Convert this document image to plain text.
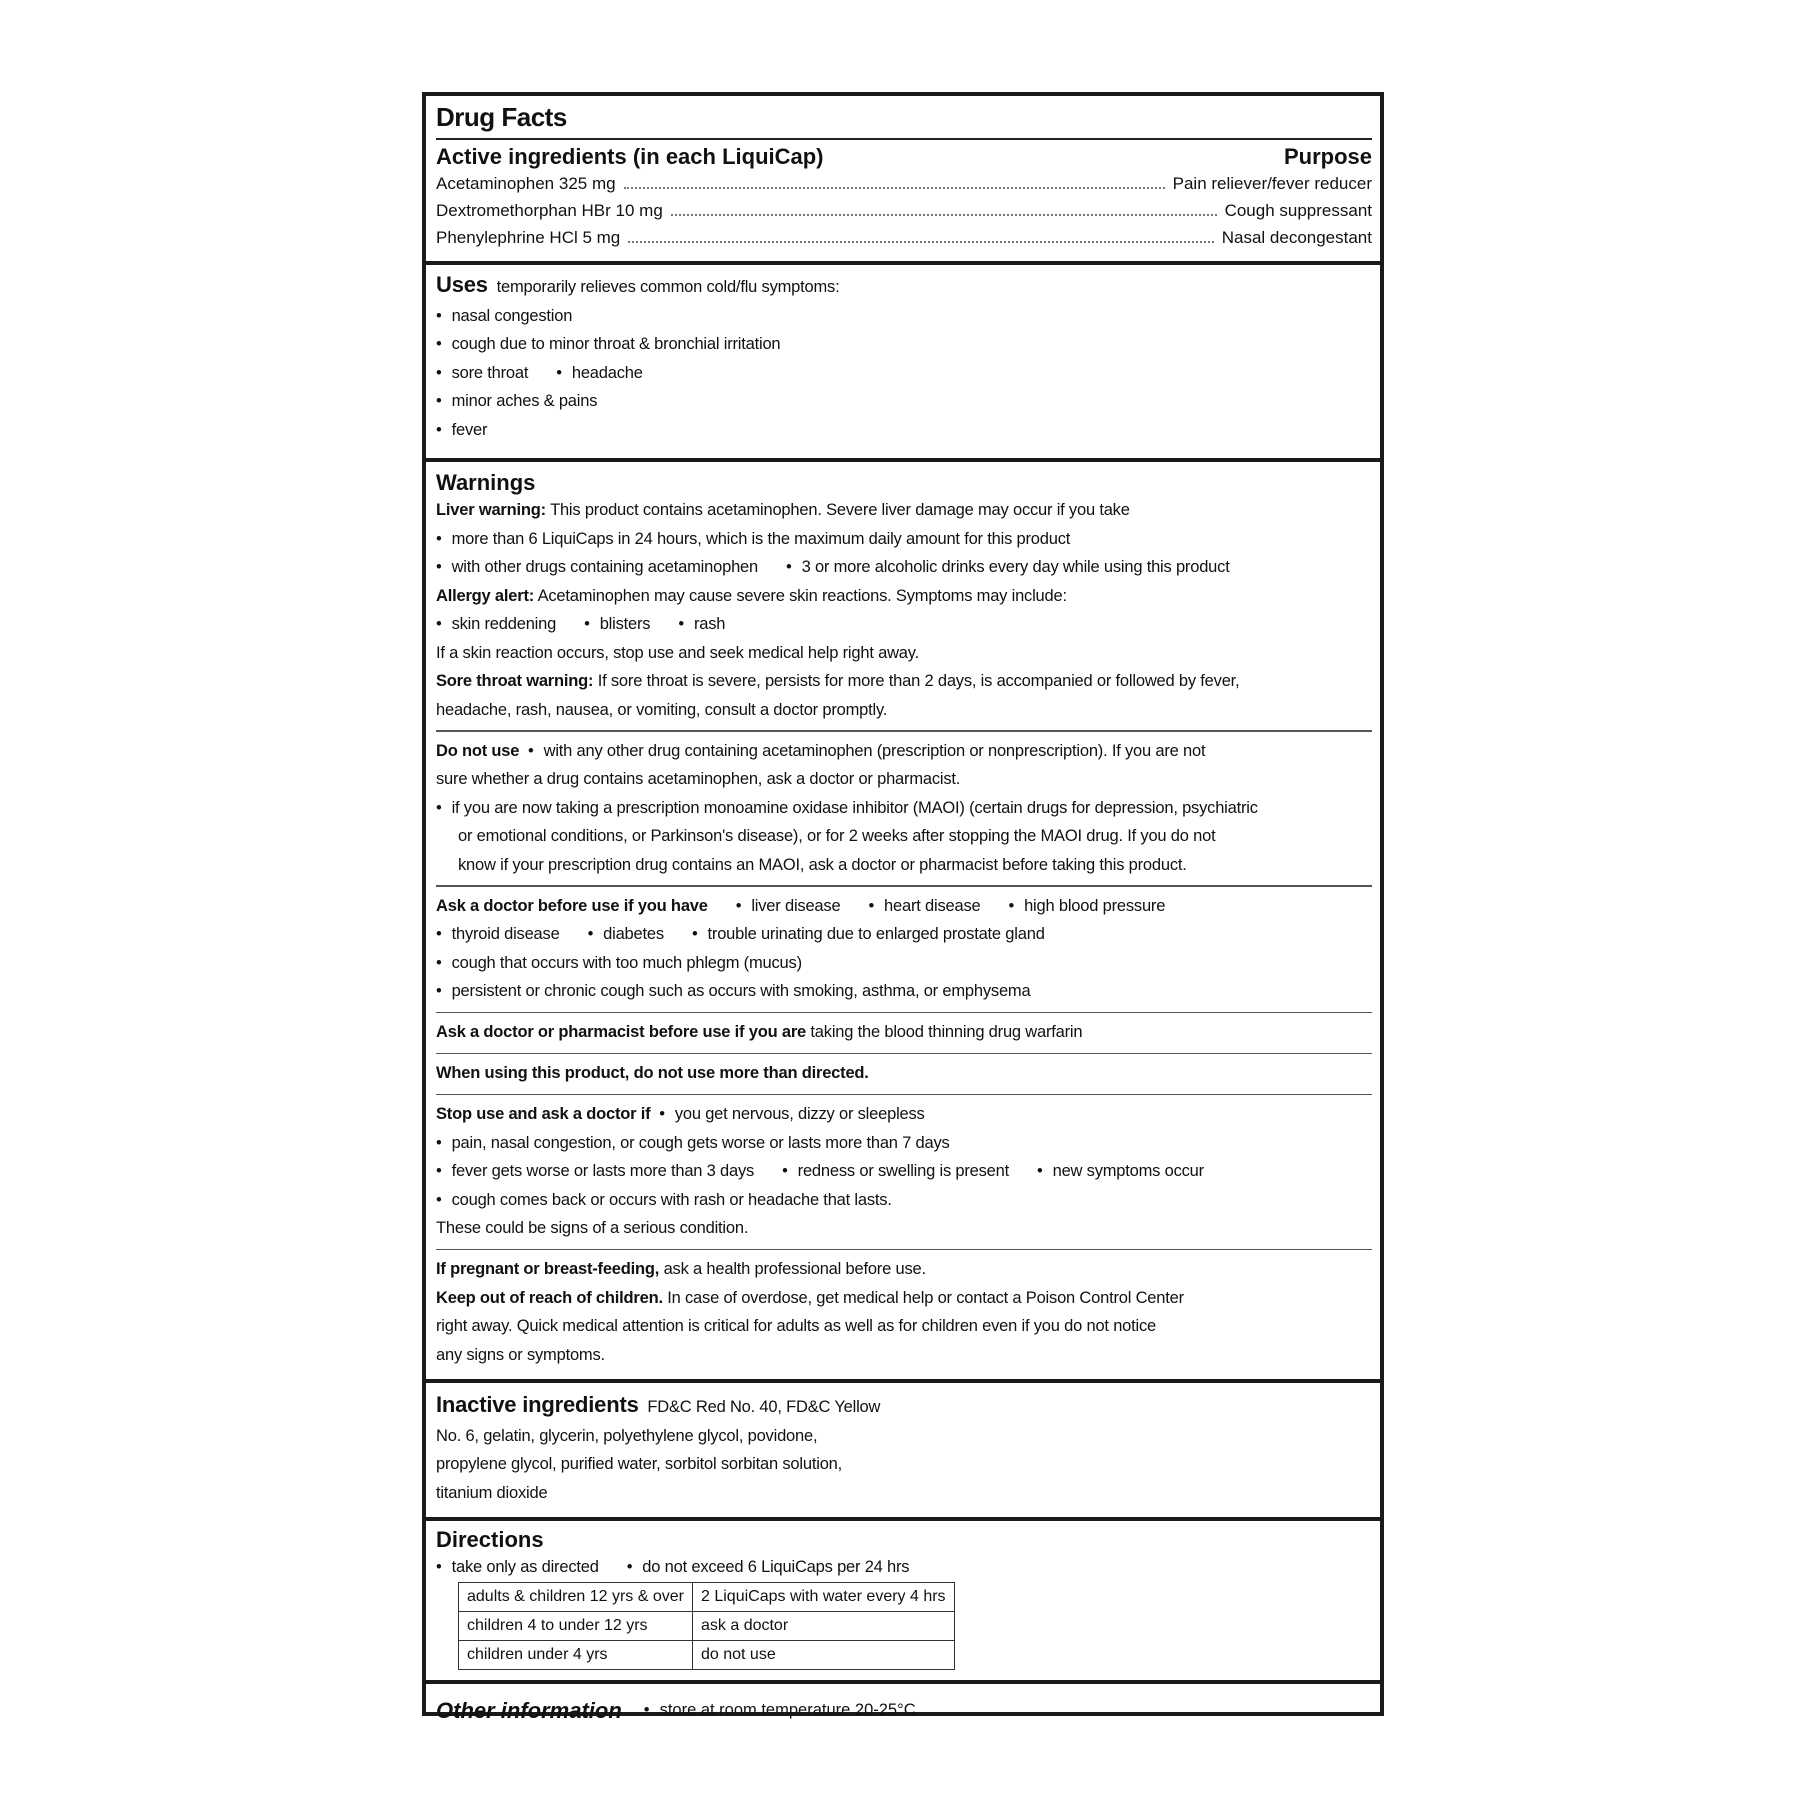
Drug Facts
Active ingredients (in each LiquiCap)	Purpose
Acetaminophen 325 mg	Pain reliever/fever reducer
Dextromethorphan HBr 10 mg	Cough suppressant
Phenylephrine HCl 5 mg	Nasal decongestant
Uses temporarily relieves common cold/flu symptoms:
• nasal congestion
• cough due to minor throat & bronchial irritation
• sore throat	• headache
• minor aches & pains
• fever
Warnings
Liver warning: This product contains acetaminophen. Severe liver damage may occur if you take
• more than 6 LiquiCaps in 24 hours, which is the maximum daily amount for this product
• with other drugs containing acetaminophen	• 3 or more alcoholic drinks every day while using this product
Allergy alert: Acetaminophen may cause severe skin reactions. Symptoms may include:
• skin reddening	• blisters	• rash
If a skin reaction occurs, stop use and seek medical help right away.
Sore throat warning: If sore throat is severe, persists for more than 2 days, is accompanied or followed by fever,
headache, rash, nausea, or vomiting, consult a doctor promptly.
Do not use • with any other drug containing acetaminophen (prescription or nonprescription). If you are not
sure whether a drug contains acetaminophen, ask a doctor or pharmacist.
• if you are now taking a prescription monoamine oxidase inhibitor (MAOI) (certain drugs for depression, psychiatric
or emotional conditions, or Parkinson's disease), or for 2 weeks after stopping the MAOI drug. If you do not
know if your prescription drug contains an MAOI, ask a doctor or pharmacist before taking this product.
Ask a doctor before use if you have	• liver disease	• heart disease	• high blood pressure
• thyroid disease	• diabetes	• trouble urinating due to enlarged prostate gland
• cough that occurs with too much phlegm (mucus)
• persistent or chronic cough such as occurs with smoking, asthma, or emphysema
Ask a doctor or pharmacist before use if you are taking the blood thinning drug warfarin
When using this product, do not use more than directed.
Stop use and ask a doctor if • you get nervous, dizzy or sleepless
• pain, nasal congestion, or cough gets worse or lasts more than 7 days
• fever gets worse or lasts more than 3 days	• redness or swelling is present	• new symptoms occur
• cough comes back or occurs with rash or headache that lasts.
These could be signs of a serious condition.
If pregnant or breast-feeding, ask a health professional before use.
Keep out of reach of children. In case of overdose, get medical help or contact a Poison Control Center
right away. Quick medical attention is critical for adults as well as for children even if you do not notice
any signs or symptoms.
Inactive ingredients FD&C Red No. 40, FD&C Yellow
No. 6, gelatin, glycerin, polyethylene glycol, povidone,
propylene glycol, purified water, sorbitol sorbitan solution,
titanium dioxide
Directions
• take only as directed	• do not exceed 6 LiquiCaps per 24 hrs
adults & children 12 yrs & over	2 LiquiCaps with water every 4 hrs
children 4 to under 12 yrs	ask a doctor
children under 4 yrs	do not use
Other information	• store at room temperature 20-25°C
